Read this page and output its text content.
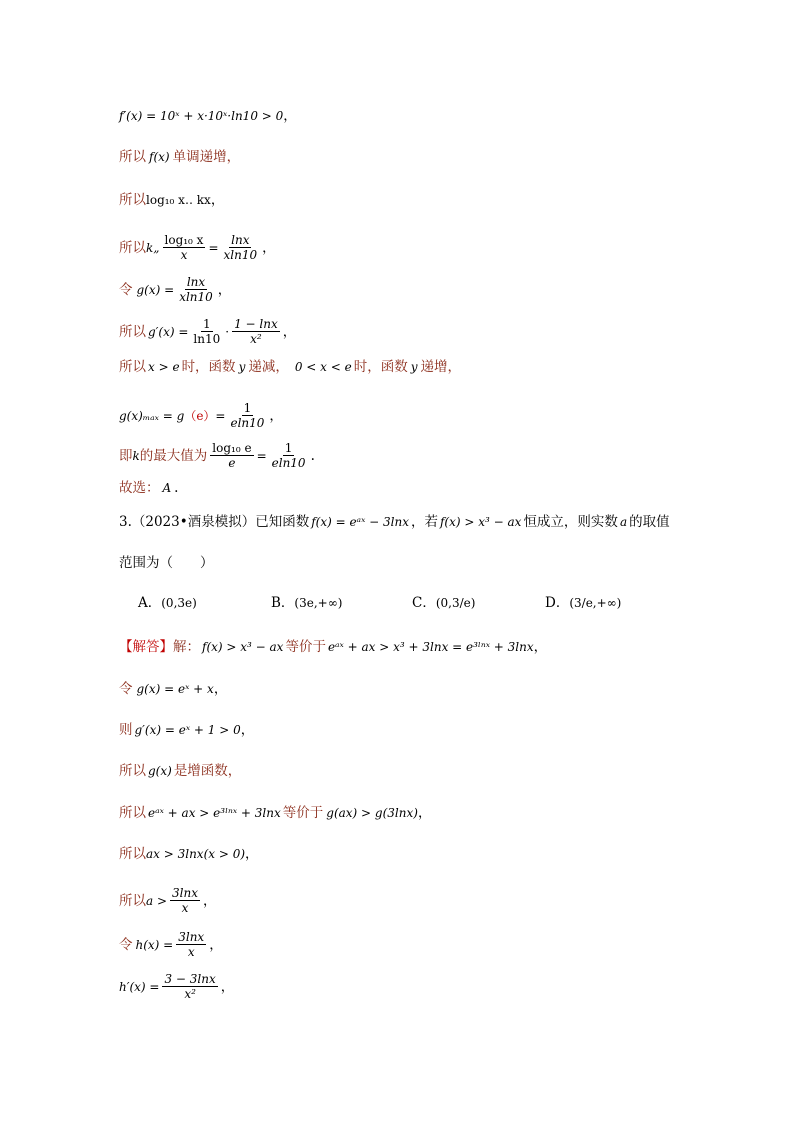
f′(x) = 10ˣ + x·10ˣ·ln10 > 0 ，
所以 f(x) 单调递增，
所以 log₁₀ x‥ kx ，
所以 k„ $\frac{\text{log₁₀ x}}{x} = \frac{\ln x}{xln10}$ ，
令 $g(x) = \frac{\ln x}{xln10}$ ，
所以 $g'(x) = \frac{1}{\ln 10} \cdot \frac{1 - \ln x}{\text{x²}}$ ，
所以 x > e 时，函数 y 递减， 0 < x < e 时，函数 y 递增，
g(x)ₘₐₓ = g $(e) = \frac{1}{eln10}$ ，
即 k 的最大值为 $\frac{\text{log₁₀ e}}{e} = \frac{1}{eln10}$ .
故选： A .
3.（2023•酒泉模拟）已知函数 f(x) = eᵃˣ − 3lnx ，若 f(x) > x³ − ax 恒成立，则实数 a 的取值
范围为（　　）
A． (0,3e)	B． (3e,+∞)	C． (0,3/e)	D． (3/e,+∞)
【解答】 解： f(x) > x³ − ax 等价于 eᵃˣ + ax > x³ + 3lnx = e³ˡⁿˣ + 3lnx ，
令 g(x) = eˣ + x ，
则 g′(x) = eˣ + 1 > 0 ，
所以 g(x) 是增函数，
所以 eᵃˣ + ax > e³ˡⁿˣ + 3lnx 等价于 g(ax) > g(3lnx) ，
所以 ax > 3lnx(x > 0) ，
所以 $a > \frac{3\ln x}{x}$ ，
令 $h(x) = \frac{3\ln x}{x}$ ，
$h'(x) = \frac{3 - 3\ln x}{\text{x²}}$ ，
